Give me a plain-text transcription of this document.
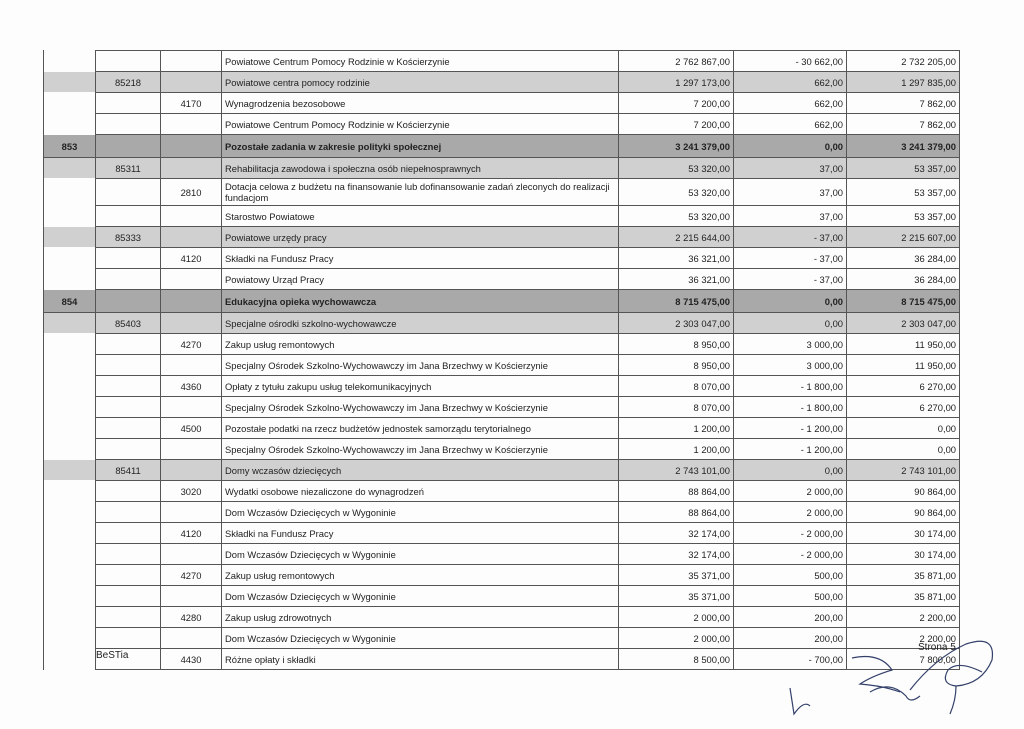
			Powiatowe Centrum Pomocy Rodzinie w Kościerzynie	2 762 867,00	- 30 662,00	2 732 205,00
	85218		Powiatowe centra pomocy rodzinie	1 297 173,00	662,00	1 297 835,00
		4170	Wynagrodzenia bezosobowe	7 200,00	662,00	7 862,00
			Powiatowe Centrum Pomocy Rodzinie w Kościerzynie	7 200,00	662,00	7 862,00
853			Pozostałe zadania w zakresie polityki społecznej	3 241 379,00	0,00	3 241 379,00
	85311		Rehabilitacja zawodowa i społeczna osób niepełnosprawnych	53 320,00	37,00	53 357,00
		2810	Dotacja celowa z budżetu na finansowanie lub dofinansowanie zadań zleconych do realizacji fundacjom	53 320,00	37,00	53 357,00
			Starostwo Powiatowe	53 320,00	37,00	53 357,00
	85333		Powiatowe urzędy pracy	2 215 644,00	- 37,00	2 215 607,00
		4120	Składki na Fundusz Pracy	36 321,00	- 37,00	36 284,00
			Powiatowy Urząd Pracy	36 321,00	- 37,00	36 284,00
854			Edukacyjna opieka wychowawcza	8 715 475,00	0,00	8 715 475,00
	85403		Specjalne ośrodki szkolno-wychowawcze	2 303 047,00	0,00	2 303 047,00
		4270	Zakup usług remontowych	8 950,00	3 000,00	11 950,00
			Specjalny Ośrodek Szkolno-Wychowawczy im Jana Brzechwy w Kościerzynie	8 950,00	3 000,00	11 950,00
		4360	Opłaty z tytułu zakupu usług telekomunikacyjnych	8 070,00	- 1 800,00	6 270,00
			Specjalny Ośrodek Szkolno-Wychowawczy im Jana Brzechwy w Kościerzynie	8 070,00	- 1 800,00	6 270,00
		4500	Pozostałe podatki na rzecz budżetów jednostek samorządu terytorialnego	1 200,00	- 1 200,00	0,00
			Specjalny Ośrodek Szkolno-Wychowawczy im Jana Brzechwy w Kościerzynie	1 200,00	- 1 200,00	0,00
	85411		Domy wczasów dziecięcych	2 743 101,00	0,00	2 743 101,00
		3020	Wydatki osobowe niezaliczone do wynagrodzeń	88 864,00	2 000,00	90 864,00
			Dom Wczasów Dziecięcych w Wygoninie	88 864,00	2 000,00	90 864,00
		4120	Składki na Fundusz Pracy	32 174,00	- 2 000,00	30 174,00
			Dom Wczasów Dziecięcych w Wygoninie	32 174,00	- 2 000,00	30 174,00
		4270	Zakup usług remontowych	35 371,00	500,00	35 871,00
			Dom Wczasów Dziecięcych w Wygoninie	35 371,00	500,00	35 871,00
		4280	Zakup usług zdrowotnych	2 000,00	200,00	2 200,00
			Dom Wczasów Dziecięcych w Wygoninie	2 000,00	200,00	2 200,00
		4430	Różne opłaty i składki	8 500,00	- 700,00	7 800,00
BeSTia
Strona 5
